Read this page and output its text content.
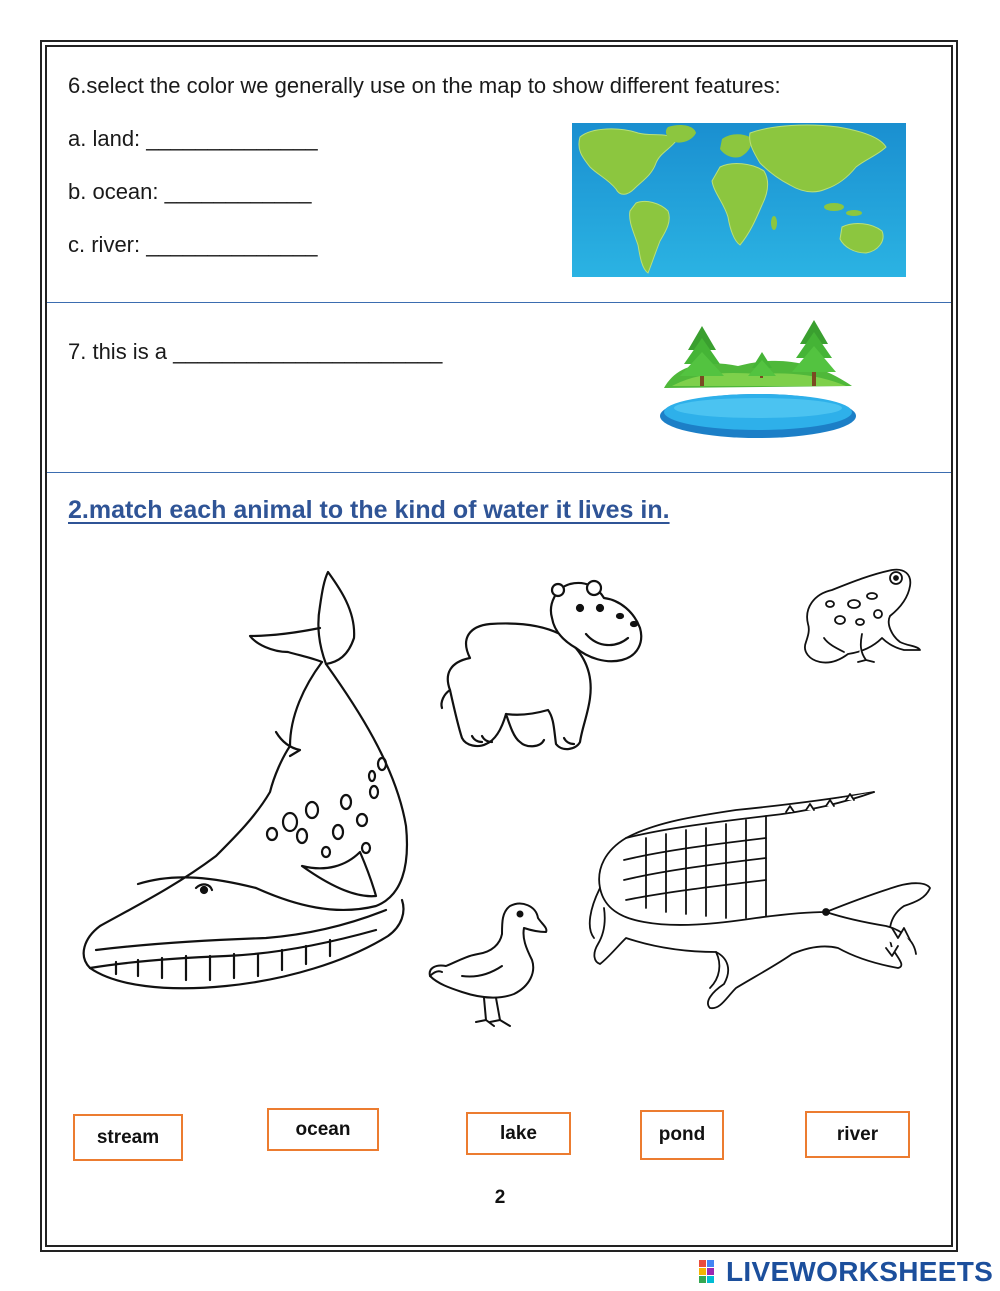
6.select the color we generally use on the map to show different features:
a. land: ______________
b. ocean: ____________
c. river: ______________
7. this is a ______________________
2.match each animal to the kind of water it lives in.
stream	ocean	lake	pond	river
2
LIVEWORKSHEETS
